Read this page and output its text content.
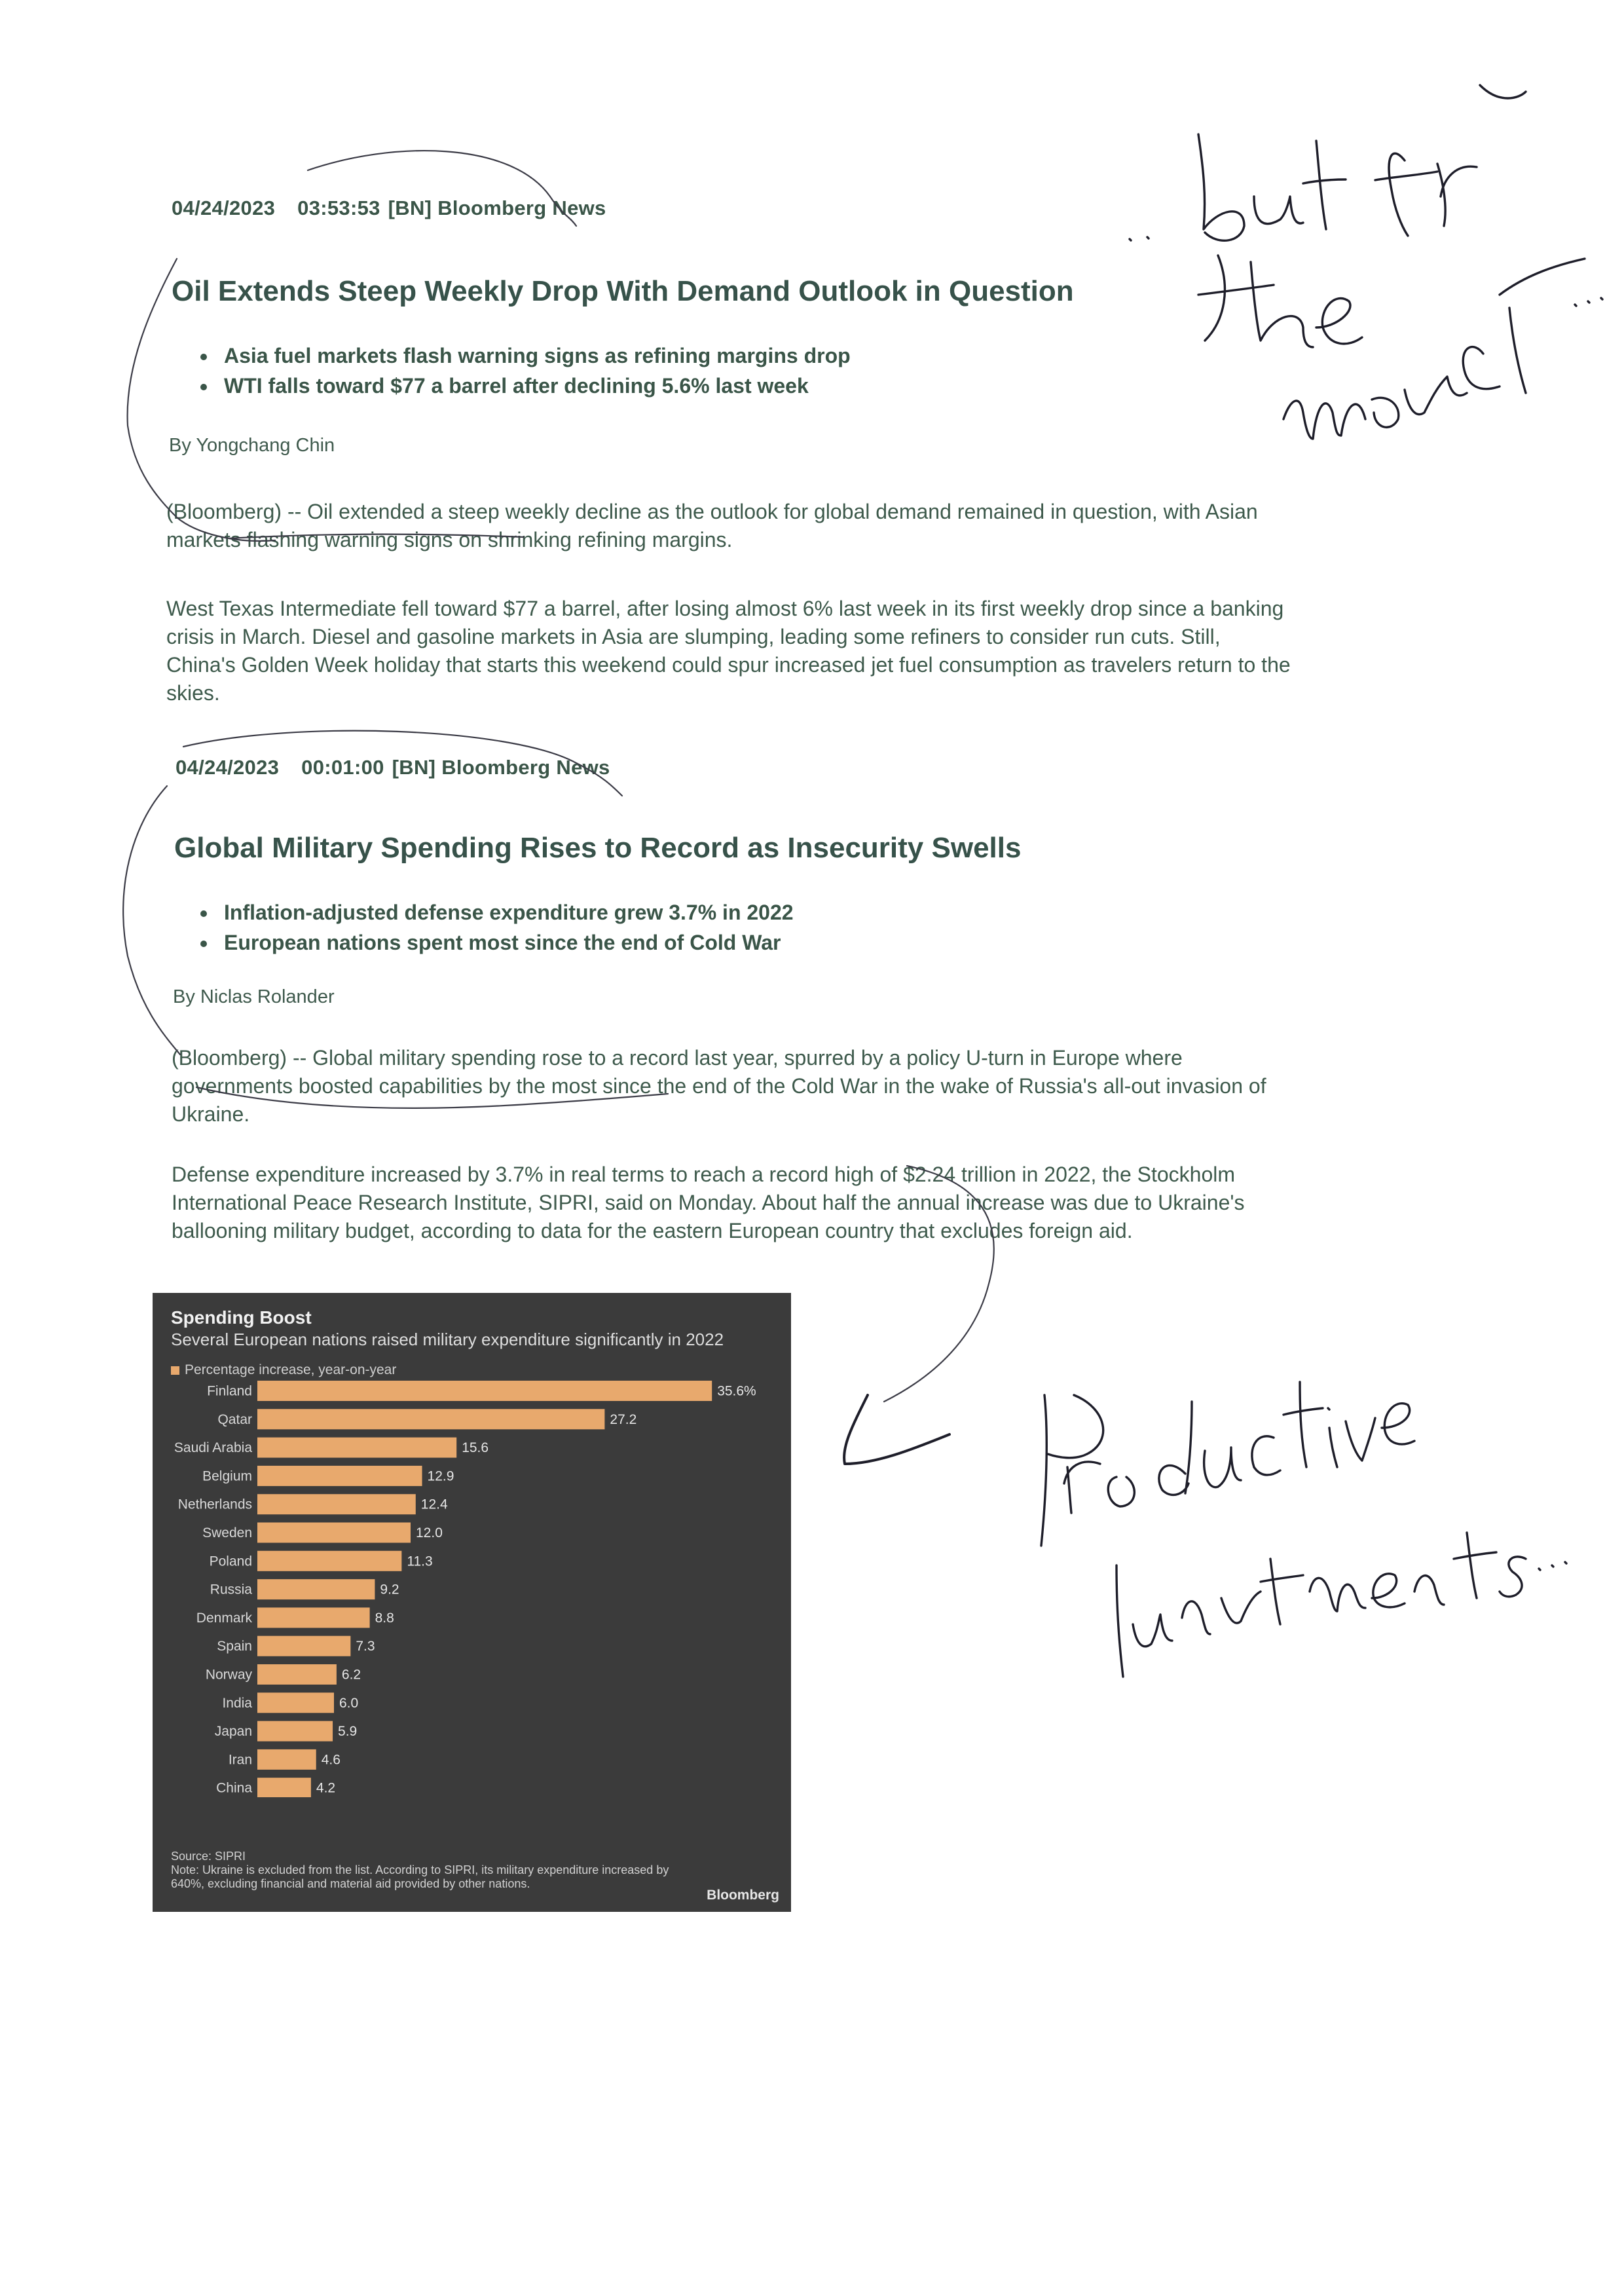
04/24/2023 03:53:53 [BN] Bloomberg News
Oil Extends Steep Weekly Drop With Demand Outlook in Question
• Asia fuel markets flash warning signs as refining margins drop
• WTI falls toward $77 a barrel after declining 5.6% last week
By Yongchang Chin
(Bloomberg) -- Oil extended a steep weekly decline as the outlook for global demand remained in question, with Asian markets flashing warning signs on shrinking refining margins.
West Texas Intermediate fell toward $77 a barrel, after losing almost 6% last week in its first weekly drop since a banking crisis in March. Diesel and gasoline markets in Asia are slumping, leading some refiners to consider run cuts. Still, China's Golden Week holiday that starts this weekend could spur increased jet fuel consumption as travelers return to the skies.
04/24/2023 00:01:00 [BN] Bloomberg News
Global Military Spending Rises to Record as Insecurity Swells
• Inflation-adjusted defense expenditure grew 3.7% in 2022
• European nations spent most since the end of Cold War
By Niclas Rolander
(Bloomberg) -- Global military spending rose to a record last year, spurred by a policy U-turn in Europe where governments boosted capabilities by the most since the end of the Cold War in the wake of Russia's all-out invasion of Ukraine.
Defense expenditure increased by 3.7% in real terms to reach a record high of $2.24 trillion in 2022, the Stockholm International Peace Research Institute, SIPRI, said on Monday. About half the annual increase was due to Ukraine's ballooning military budget, according to data for the eastern European country that excludes foreign aid.
Spending Boost
Several European nations raised military expenditure significantly in 2022
Percentage increase, year-on-year
Finland	35.6%
Qatar	27.2
Saudi Arabia	15.6
Belgium	12.9
Netherlands	12.4
Sweden	12.0
Poland	11.3
Russia	9.2
Denmark	8.8
Spain	7.3
Norway	6.2
India	6.0
Japan	5.9
Iran	4.6
China	4.2
Source: SIPRI
Note: Ukraine is excluded from the list. According to SIPRI, its military expenditure increased by 640%, excluding financial and material aid provided by other nations.
Bloomberg
